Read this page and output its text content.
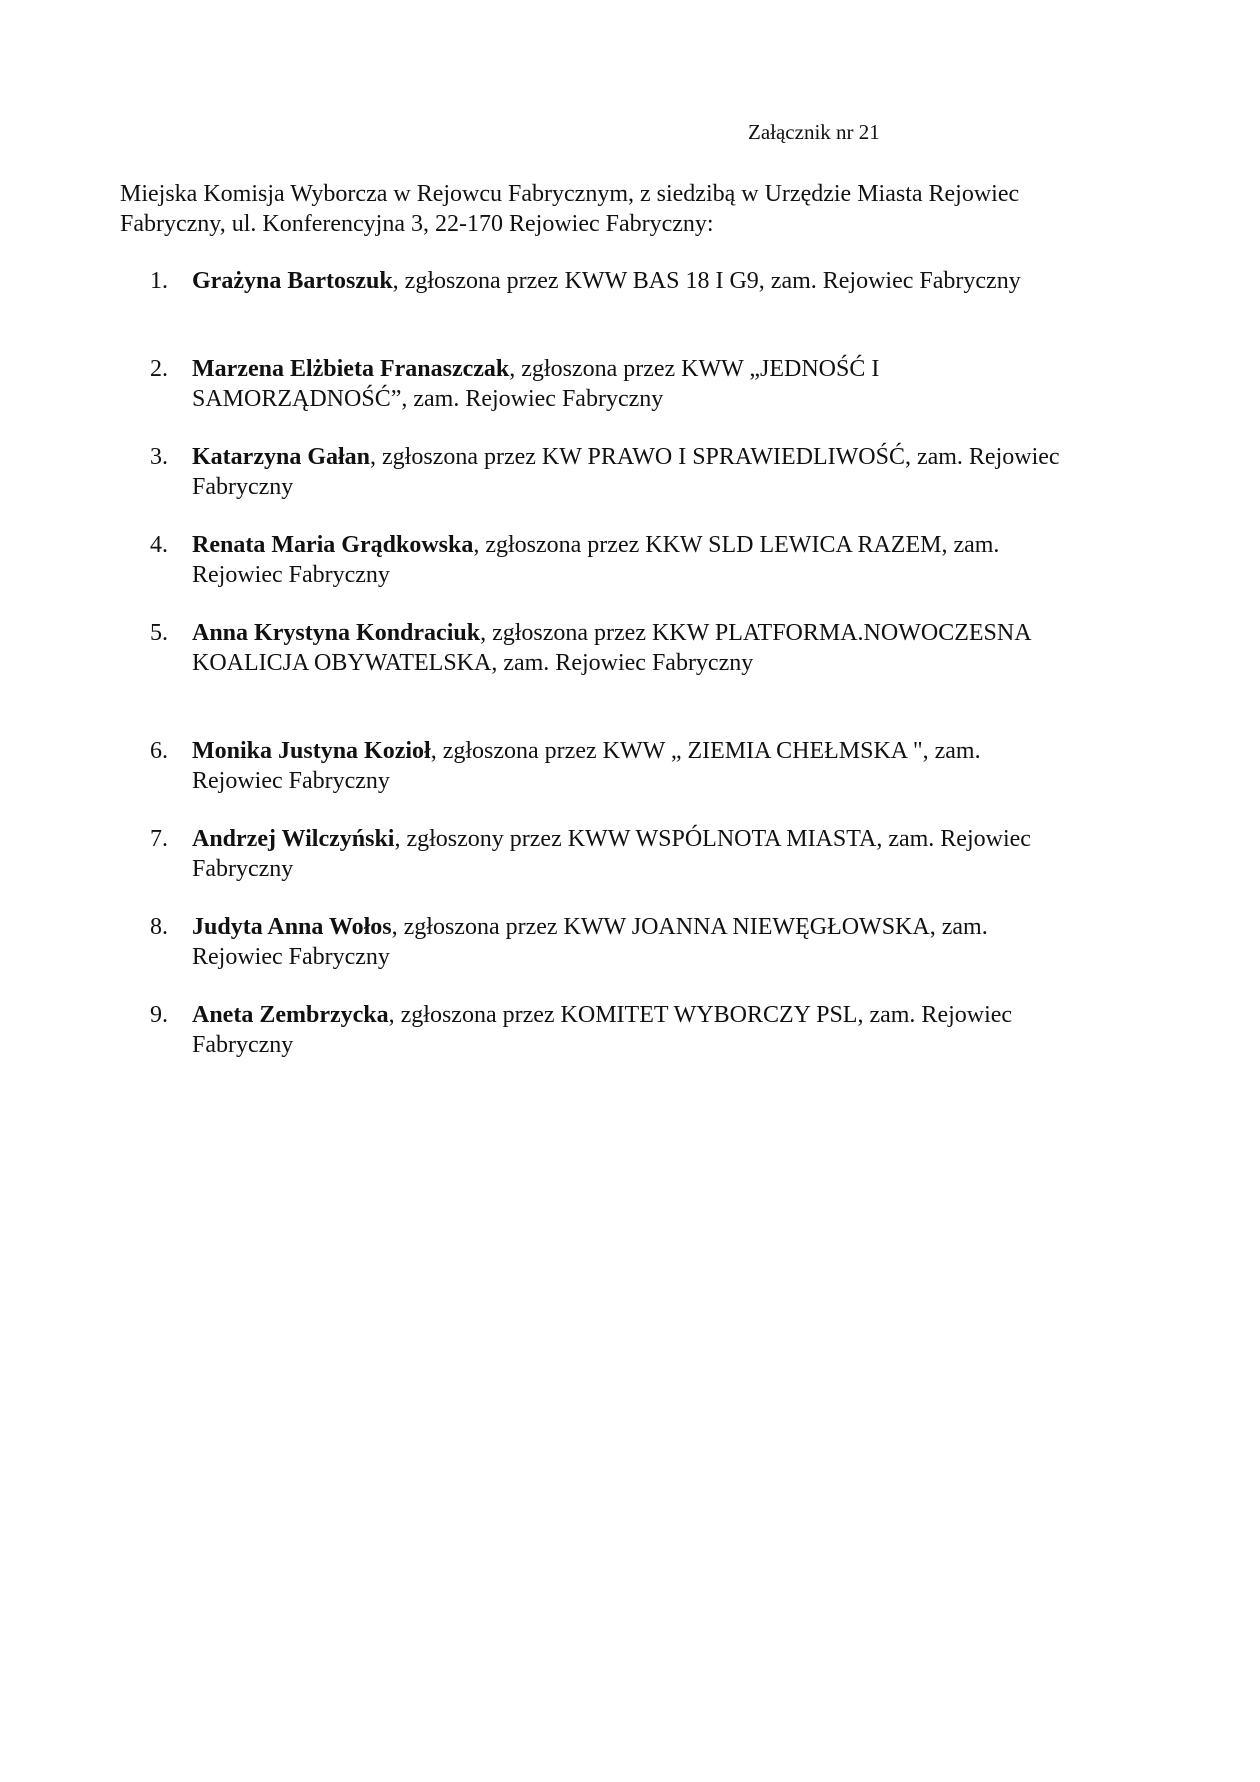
Załącznik nr 21
Miejska Komisja Wyborcza w Rejowcu Fabrycznym, z siedzibą w Urzędzie Miasta Rejowiec Fabryczny, ul. Konferencyjna 3, 22-170 Rejowiec Fabryczny:
1.	Grażyna Bartoszuk, zgłoszona przez KWW BAS 18 I G9, zam. Rejowiec Fabryczny
2.	Marzena Elżbieta Franaszczak, zgłoszona przez KWW „JEDNOŚĆ I SAMORZĄDNOŚĆ”, zam. Rejowiec Fabryczny
3.	Katarzyna Gałan, zgłoszona przez KW PRAWO I SPRAWIEDLIWOŚĆ, zam. Rejowiec Fabryczny
4.	Renata Maria Grądkowska, zgłoszona przez KKW SLD LEWICA RAZEM, zam. Rejowiec Fabryczny
5.	Anna Krystyna Kondraciuk, zgłoszona przez KKW PLATFORMA.NOWOCZESNA KOALICJA OBYWATELSKA, zam. Rejowiec Fabryczny
6.	Monika Justyna Kozioł, zgłoszona przez KWW „ ZIEMIA CHEŁMSKA ", zam. Rejowiec Fabryczny
7.	Andrzej Wilczyński, zgłoszony przez KWW WSPÓLNOTA MIASTA, zam. Rejowiec Fabryczny
8.	Judyta Anna Wołos, zgłoszona przez KWW JOANNA NIEWĘGŁOWSKA, zam. Rejowiec Fabryczny
9.	Aneta Zembrzycka, zgłoszona przez KOMITET WYBORCZY PSL, zam. Rejowiec Fabryczny
